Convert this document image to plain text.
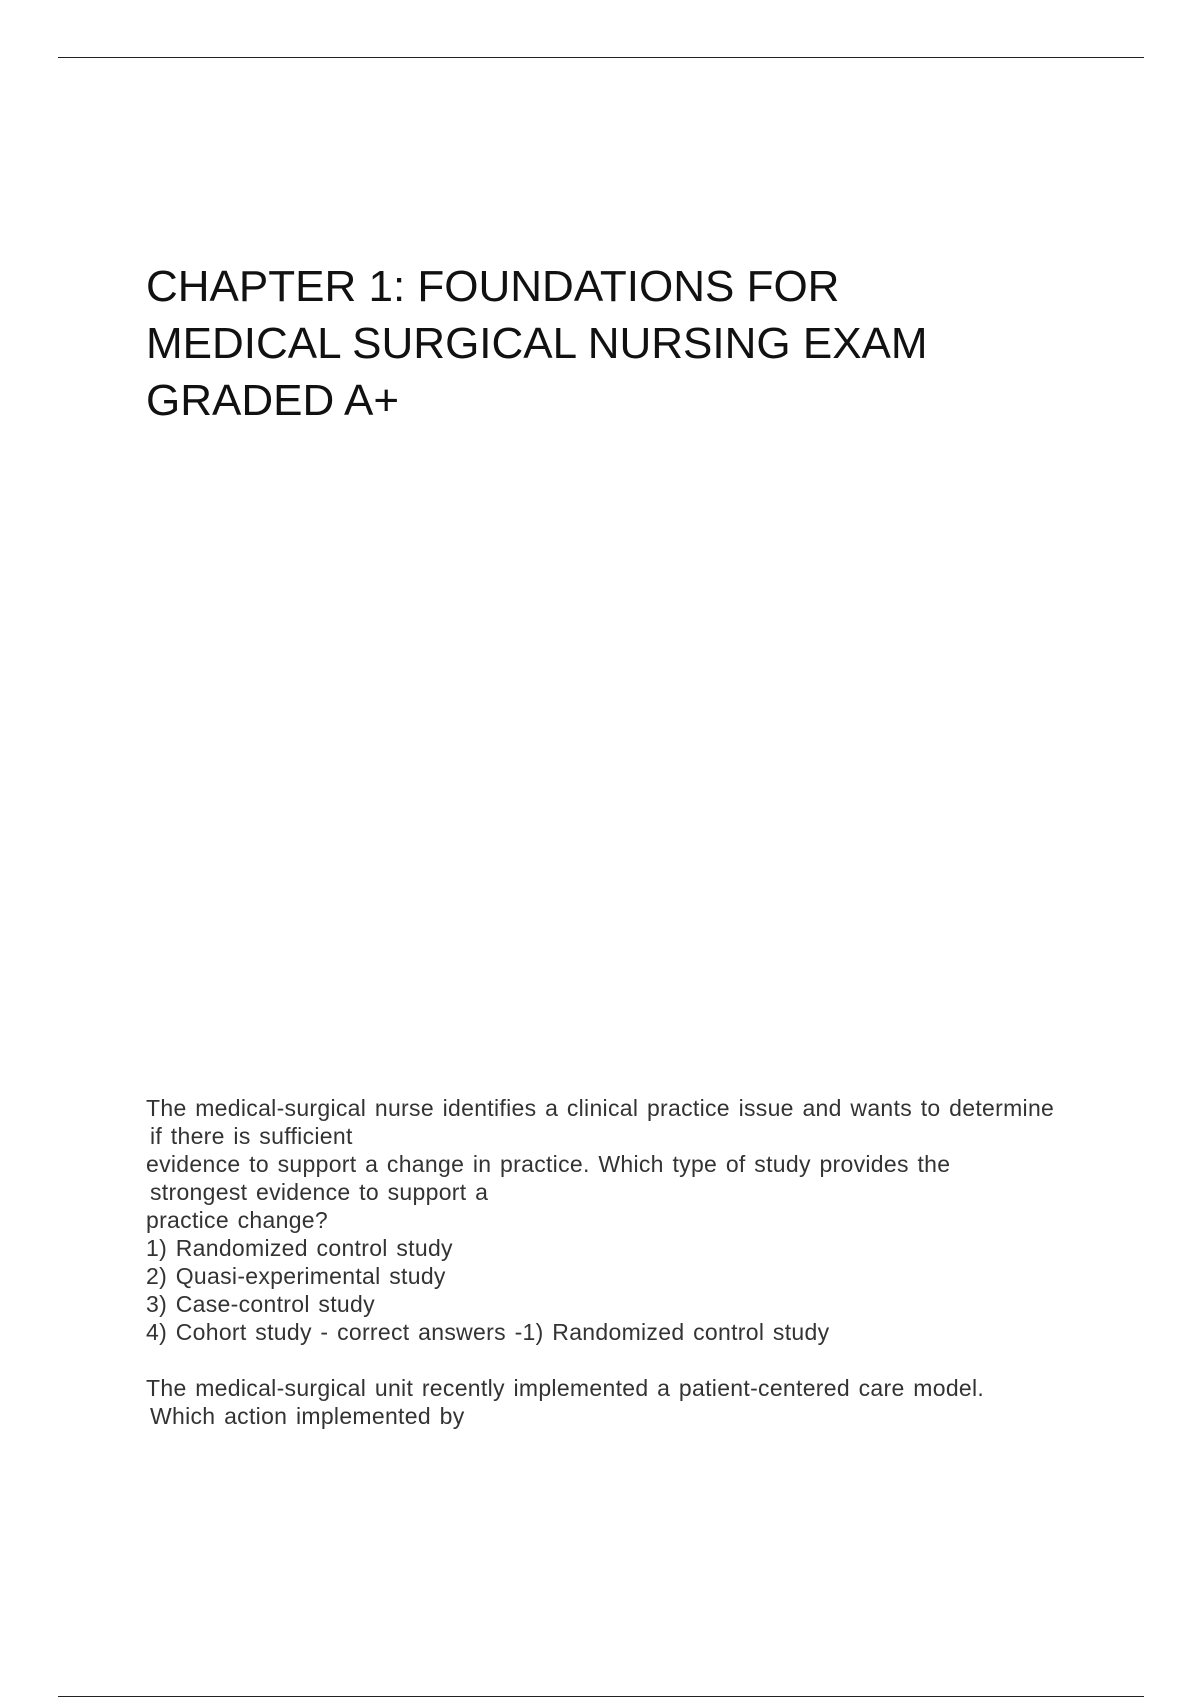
CHAPTER 1: FOUNDATIONS FOR
MEDICAL SURGICAL NURSING EXAM
GRADED A+
The medical-surgical nurse identifies a clinical practice issue and wants to determine
if there is sufficient
evidence to support a change in practice. Which type of study provides the
strongest evidence to support a
practice change?
1) Randomized control study
2) Quasi-experimental study
3) Case-control study
4) Cohort study - correct answers -1) Randomized control study
The medical-surgical unit recently implemented a patient-centered care model.
Which action implemented by
